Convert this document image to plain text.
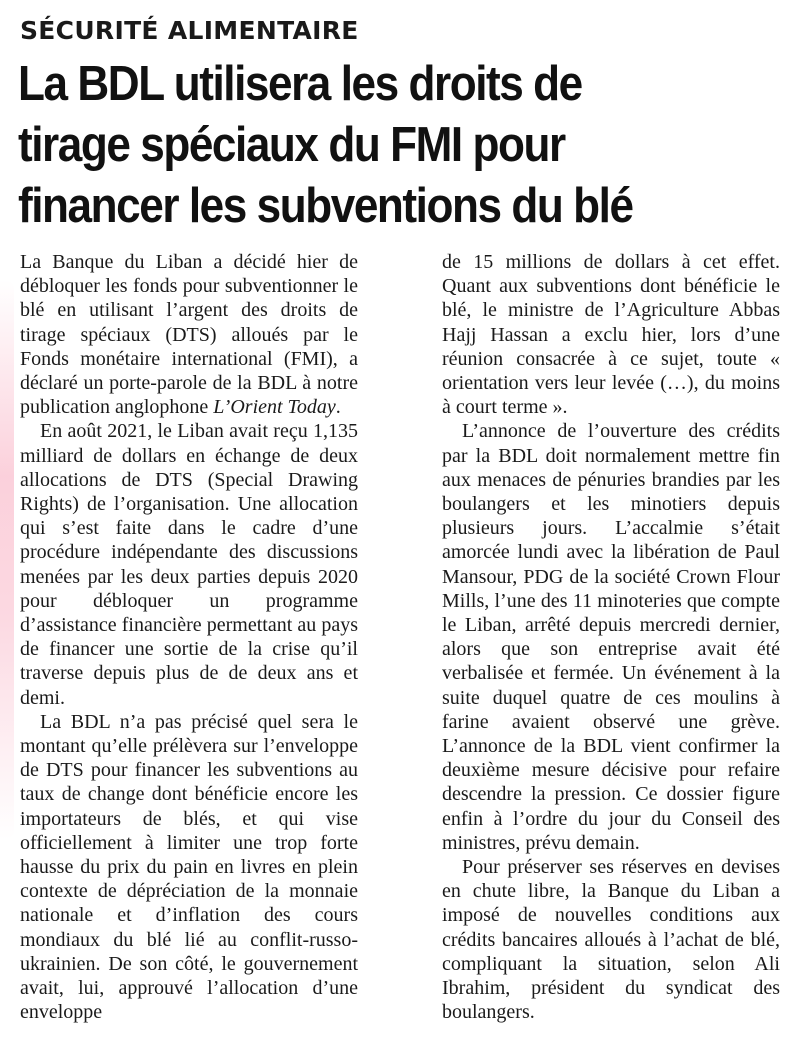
SÉCURITÉ ALIMENTAIRE
La BDL utilisera les droits de
tirage spéciaux du FMI pour
financer les subventions du blé

La Banque du Liban a décidé hier de débloquer les fonds pour subventionner le blé en utilisant l’argent des droits de tirage spéciaux (DTS) alloués par le Fonds monétaire international (FMI), a déclaré un porte-parole de la BDL à notre publication anglophone L’Orient Today.

En août 2021, le Liban avait reçu 1,135 milliard de dollars en échange de deux allocations de DTS (Special Drawing Rights) de l’organisation. Une allocation qui s’est faite dans le cadre d’une procédure indépendante des discussions menées par les deux parties depuis 2020 pour débloquer un programme d’assistance financière permettant au pays de financer une sortie de la crise qu’il traverse depuis plus de de deux ans et demi.

La BDL n’a pas précisé quel sera le montant qu’elle prélèvera sur l’enveloppe de DTS pour financer les subventions au taux de change dont bénéficie encore les importateurs de blés, et qui vise officiellement à limiter une trop forte hausse du prix du pain en livres en plein contexte de dépréciation de la monnaie nationale et d’inflation des cours mondiaux du blé lié au conflit-russo-ukrainien. De son côté, le gouvernement avait, lui, approuvé l’allocation d’une enveloppe

de 15 millions de dollars à cet effet. Quant aux subventions dont bénéficie le blé, le ministre de l’Agriculture Abbas Hajj Hassan a exclu hier, lors d’une réunion consacrée à ce sujet, toute « orientation vers leur levée (…), du moins à court terme ».

L’annonce de l’ouverture des crédits par la BDL doit normalement mettre fin aux menaces de pénuries brandies par les boulangers et les minotiers depuis plusieurs jours. L’accalmie s’était amorcée lundi avec la libération de Paul Mansour, PDG de la société Crown Flour Mills, l’une des 11 minoteries que compte le Liban, arrêté depuis mercredi dernier, alors que son entreprise avait été verbalisée et fermée. Un événement à la suite duquel quatre de ces moulins à farine avaient observé une grève. L’annonce de la BDL vient confirmer la deuxième mesure décisive pour refaire descendre la pression. Ce dossier figure enfin à l’ordre du jour du Conseil des ministres, prévu demain.

Pour préserver ses réserves en devises en chute libre, la Banque du Liban a imposé de nouvelles conditions aux crédits bancaires alloués à l’achat de blé, compliquant la situation, selon Ali Ibrahim, président du syndicat des boulangers.
